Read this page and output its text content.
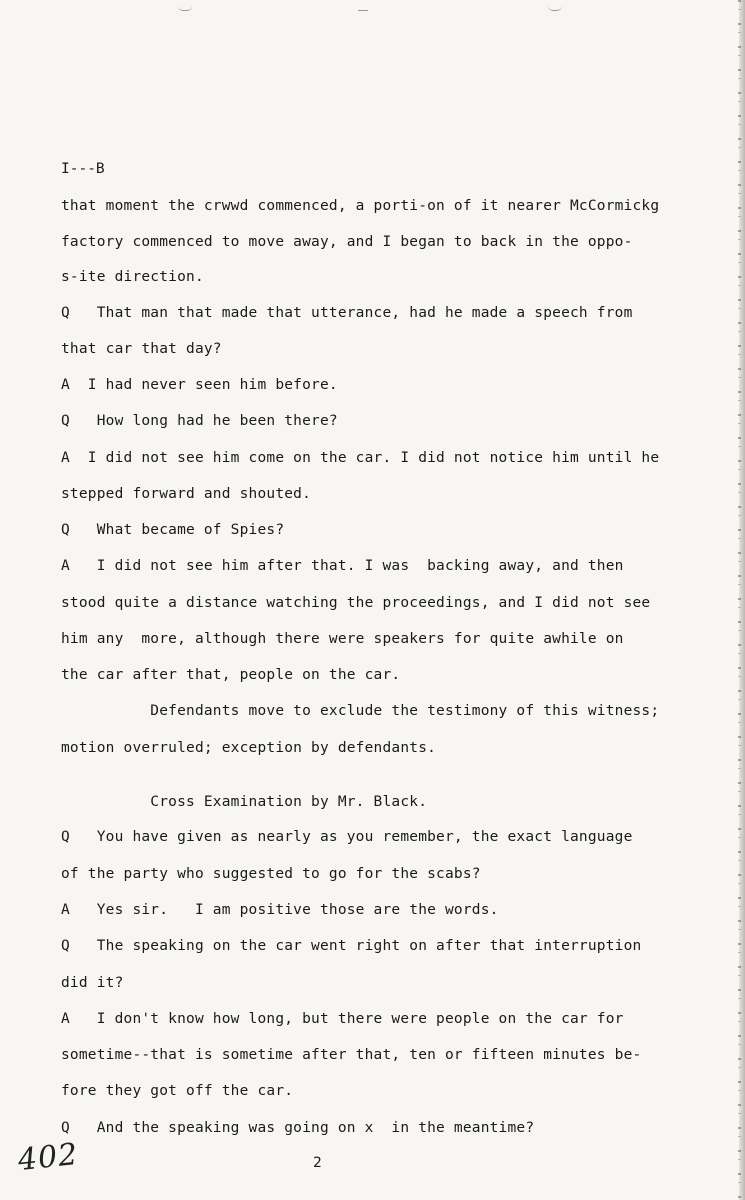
I---B
that moment the crwwd commenced, a porti-on of it nearer McCormickg
factory commenced to move away, and I began to back in the oppo-
s-ite direction.
Q   That man that made that utterance, had he made a speech from
that car that day?
A  I had never seen him before.
Q   How long had he been there?
A  I did not see him come on the car. I did not notice him until he
stepped forward and shouted.
Q   What became of Spies?
A   I did not see him after that. I was  backing away, and then
stood quite a distance watching the proceedings, and I did not see
him any  more, although there were speakers for quite awhile on
the car after that, people on the car.
Defendants move to exclude the testimony of this witness;
motion overruled; exception by defendants.
Cross Examination by Mr. Black.
Q   You have given as nearly as you remember, the exact language
of the party who suggested to go for the scabs?
A   Yes sir.   I am positive those are the words.
Q   The speaking on the car went right on after that interruption
did it?
A   I don't know how long, but there were people on the car for
sometime--that is sometime after that, ten or fifteen minutes be-
fore they got off the car.
Q   And the speaking was going on x  in the meantime?
402	2
